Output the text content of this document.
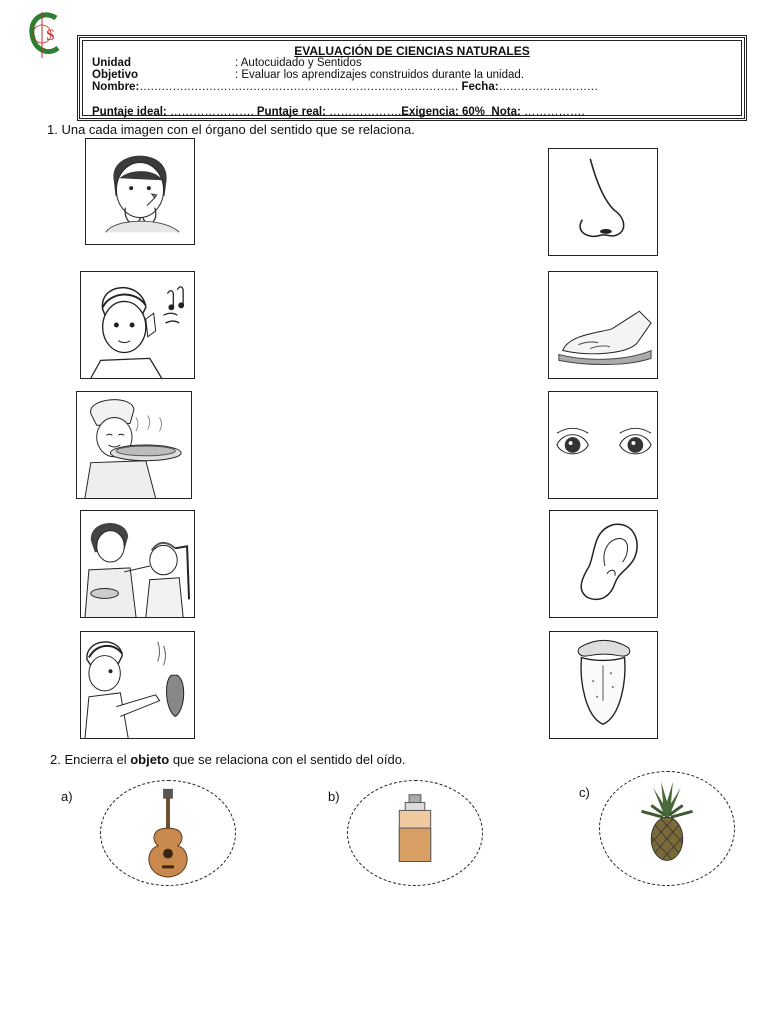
S
EVALUACIÓN DE CIENCIAS NATURALES
Unidad	: Autocuidado y Sentidos
Objetivo	: Evaluar los aprendizajes construidos durante la unidad.
Nombre:…………………………………………………………………………… Fecha:………………………
Puntaje ideal: …………………. Puntaje real: ……………….Exigencia: 60% Nota: …………….
1. Una cada imagen con el órgano del sentido que se relaciona.
2. Encierra el objeto que se relaciona con el sentido del oído.
a)	b)	c)
